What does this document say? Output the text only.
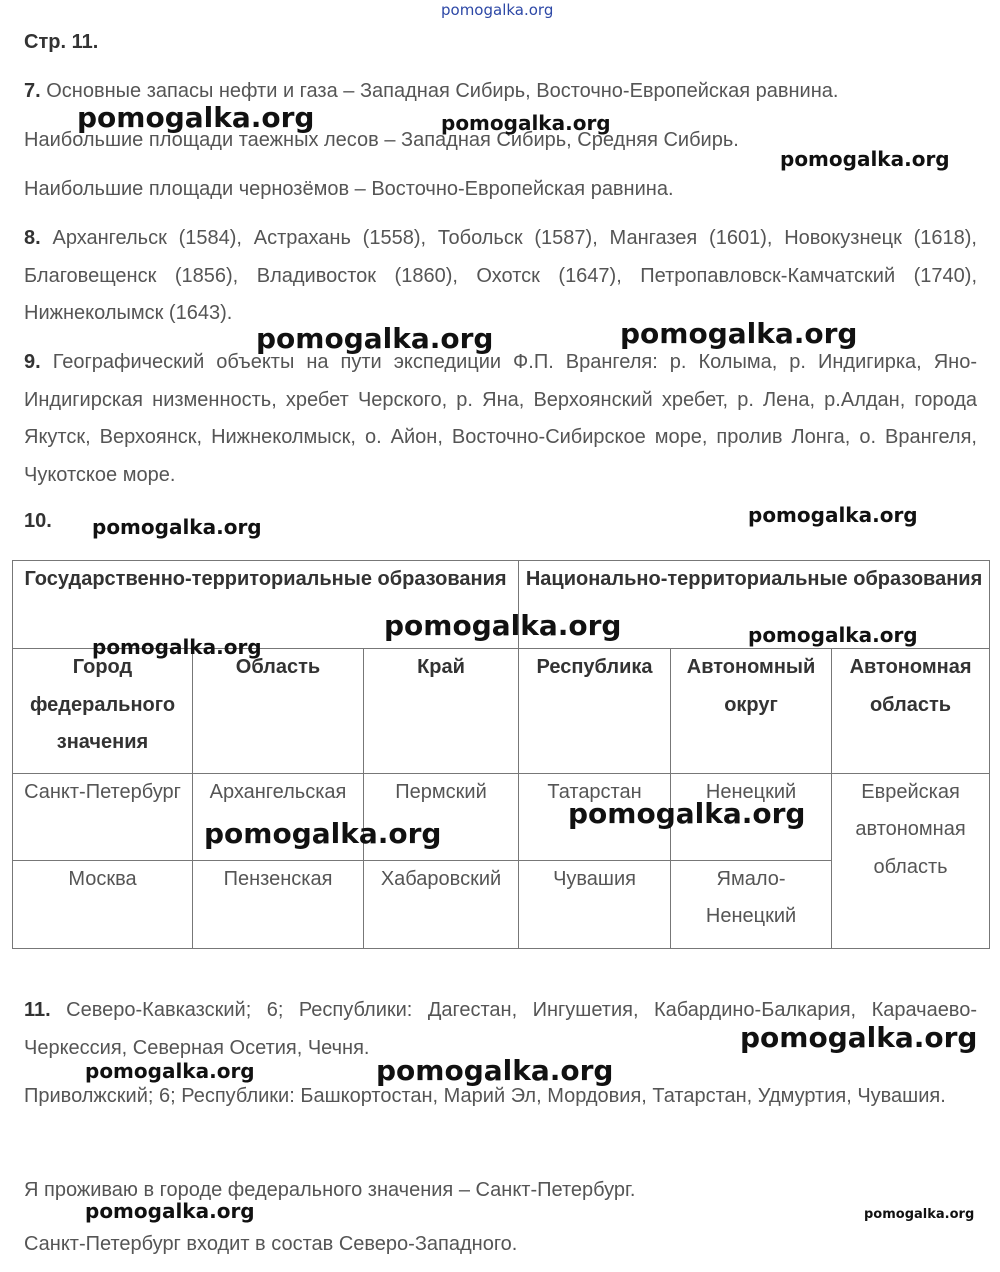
pomogalka.org
Стр. 11.

7. Основные запасы нефти и газа – Западная Сибирь, Восточно-Европейская равнина.

Наибольшие площади таежных лесов – Западная Сибирь, Средняя Сибирь.

Наибольшие площади чернозёмов – Восточно-Европейская равнина.

8. Архангельск (1584), Астрахань (1558), Тобольск (1587), Мангазея (1601), Новокузнецк (1618), Благовещенск (1856), Владивосток (1860), Охотск (1647), Петропавловск-Камчатский (1740), Нижнеколымск (1643).

9. Географический объекты на пути экспедиции Ф.П. Врангеля: р. Колыма, р. Индигирка, Яно-Индигирская низменность, хребет Черского, р. Яна, Верхоянский хребет, р. Лена, р.Алдан, города Якутск, Верхоянск, Нижнеколмыск, о. Айон, Восточно-Сибирское море, пролив Лонга, о. Врангеля, Чукотское море.

10.
Государственно-территориальные образования			Национально-территориальные образования		
Город федерального значения	Область	Край	Республика	Автономный округ	Автономная область
Санкт-Петербург	Архангельская	Пермский	Татарстан	Ненецкий	Еврейская автономная область
Москва	Пензенская	Хабаровский	Чувашия	Ямало-Ненецкий	

11. Северо-Кавказский; 6; Республики: Дагестан, Ингушетия, Кабардино-Балкария, Карачаево-Черкессия, Северная Осетия, Чечня.

Приволжский; 6; Республики: Башкортостан, Марий Эл, Мордовия, Татарстан, Удмуртия, Чувашия.

Я проживаю в городе федерального значения – Санкт-Петербург.

Санкт-Петербург входит в состав Северо-Западного.

pomogalka.org	pomogalka.org
pomogalka.org
pomogalka.org	pomogalka.org
pomogalka.org	pomogalka.org
pomogalka.org
pomogalka.org	pomogalka.org
pomogalka.org
pomogalka.org
pomogalka.org
pomogalka.org
pomogalka.org
pomogalka.org	pomogalka.org
